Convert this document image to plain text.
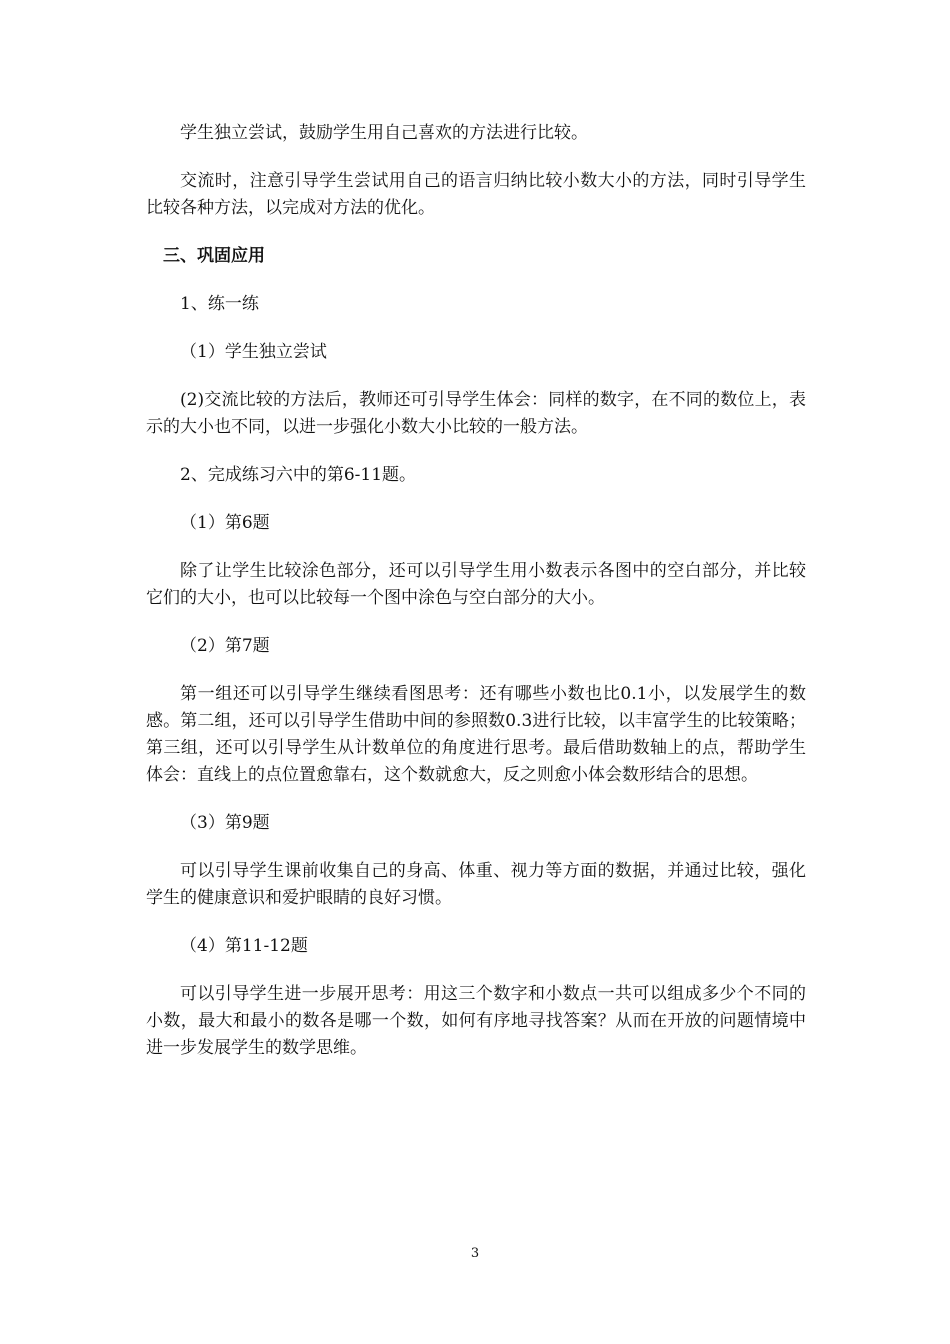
学生独立尝试，鼓励学生用自己喜欢的方法进行比较。

交流时，注意引导学生尝试用自己的语言归纳比较小数大小的方法，同时引导学生比较各种方法，以完成对方法的优化。

三、巩固应用

1、练一练

（1）学生独立尝试

(2)交流比较的方法后，教师还可引导学生体会：同样的数字，在不同的数位上，表示的大小也不同，以进一步强化小数大小比较的一般方法。

2、完成练习六中的第6-11题。

（1）第6题

除了让学生比较涂色部分，还可以引导学生用小数表示各图中的空白部分，并比较它们的大小，也可以比较每一个图中涂色与空白部分的大小。

（2）第7题

第一组还可以引导学生继续看图思考：还有哪些小数也比0.1小，以发展学生的数感。第二组，还可以引导学生借助中间的参照数0.3进行比较，以丰富学生的比较策略；第三组，还可以引导学生从计数单位的角度进行思考。最后借助数轴上的点，帮助学生体会：直线上的点位置愈靠右，这个数就愈大，反之则愈小体会数形结合的思想。

（3）第9题

可以引导学生课前收集自己的身高、体重、视力等方面的数据，并通过比较，强化学生的健康意识和爱护眼睛的良好习惯。

（4）第11-12题

可以引导学生进一步展开思考：用这三个数字和小数点一共可以组成多少个不同的小数，最大和最小的数各是哪一个数，如何有序地寻找答案？从而在开放的问题情境中进一步发展学生的数学思维。

3
